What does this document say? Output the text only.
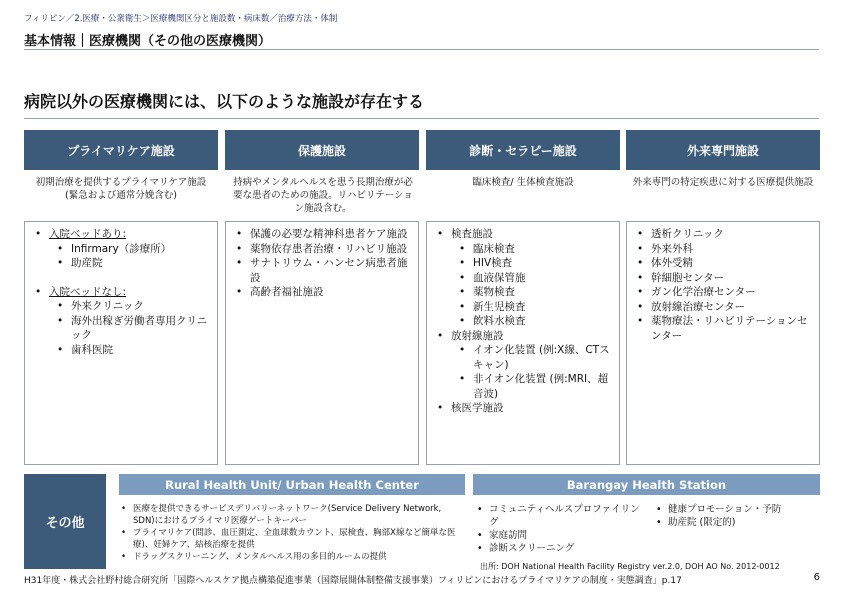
フィリピン／2.医療・公衆衛生＞医療機関区分と施設数・病床数／治療方法・体制
基本情報｜医療機関（その他の医療機関）
病院以外の医療機関には、以下のような施設が存在する
プライマリケア施設
初期治療を提供するプライマリケア施設(緊急および通常分娩含む)
• 入院ベッドあり:
• Infirmary（診療所）
• 助産院
• 入院ベッドなし:
• 外来クリニック
• 海外出稼ぎ労働者専用クリニック
• 歯科医院
保護施設
持病やメンタルヘルスを患う長期治療が必要な患者のための施設。リハビリテーション施設含む。
• 保護の必要な精神科患者ケア施設
• 薬物依存患者治療・リハビリ施設
• サナトリウム・ハンセン病患者施設
• 高齢者福祉施設
診断・セラピー施設
臨床検査/ 生体検査施設
• 検査施設
• 臨床検査
• HIV検査
• 血液保管施
• 薬物検査
• 新生児検査
• 飲料水検査
• 放射線施設
• イオン化装置 (例:X線、CTスキャン)
• 非イオン化装置 (例:MRI、超音波)
• 核医学施設
外来専門施設
外来専門の特定疾患に対する医療提供施設
• 透析クリニック
• 外来外科
• 体外受精
• 幹細胞センター
• ガン化学治療センター
• 放射線治療センター
• 薬物療法・リハビリテーションセンター
その他
Rural Health Unit/ Urban Health Center
• 医療を提供できるサービスデリバリーネットワーク(Service Delivery Network, SDN)におけるプライマリ医療ゲートキーパー
• プライマリケア(問診、血圧測定、全血球数カウント、尿検査、胸部X線など簡単な医療)、妊婦ケア、結核治療を提供
• ドラッグスクリーニング、メンタルヘルス用の多目的ルームの提供
Barangay Health Station
• コミュニティヘルスプロファイリング
• 家庭訪問
• 診断スクリーニング
• 健康プロモーション・予防
• 助産院 (限定的)
出所: DOH National Health Facility Registry ver.2.0, DOH AO No. 2012-0012
H31年度・株式会社野村総合研究所「国際ヘルスケア拠点構築促進事業（国際展開体制整備支援事業）フィリピンにおけるプライマリケアの制度・実態調査」p.17	6
